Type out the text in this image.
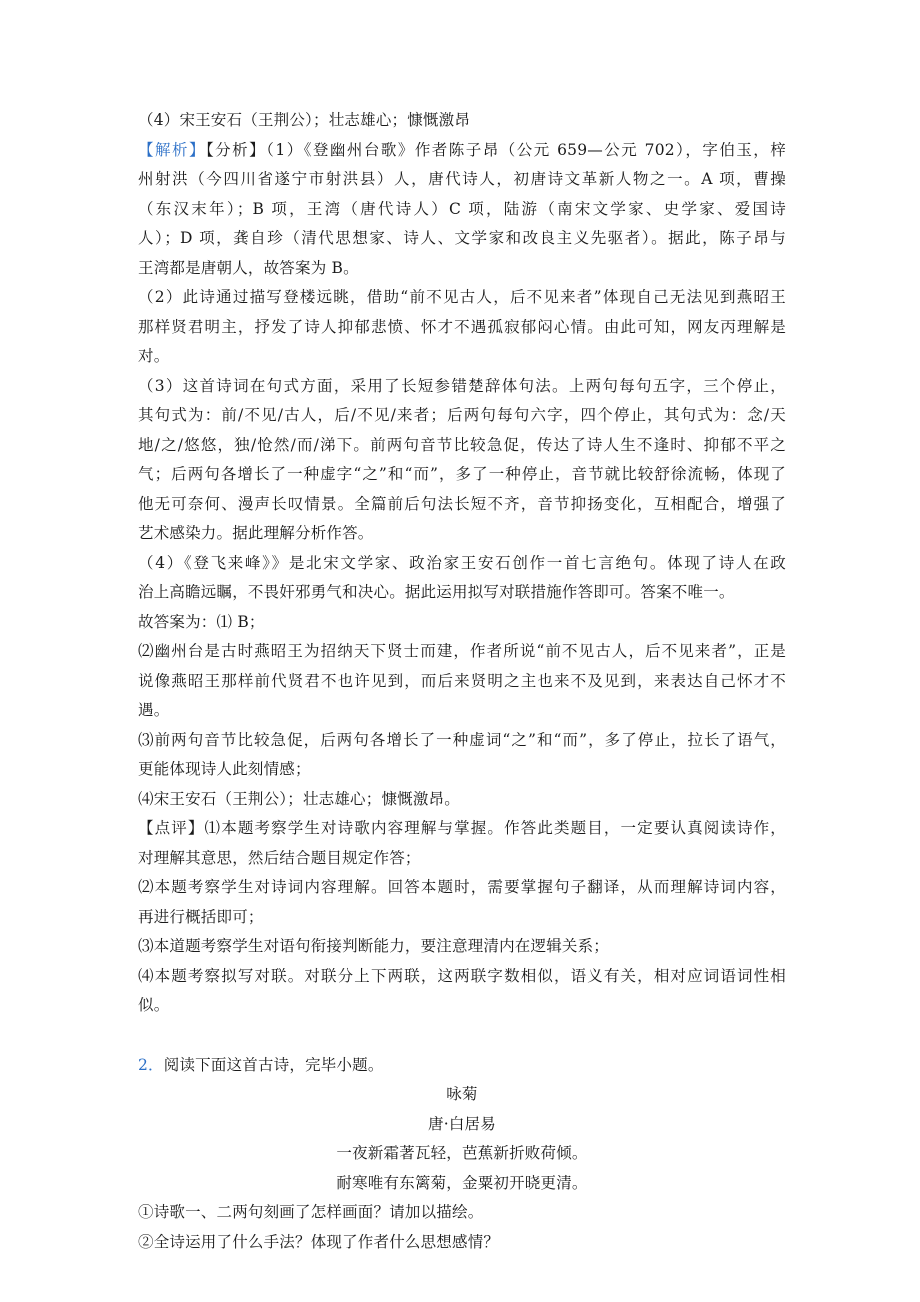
（4）宋王安石（王荆公）；壮志雄心；慷慨激昂
【解析】【分析】（1）《登幽州台歌》作者陈子昂（公元 659—公元 702），字伯玉，梓
州射洪（今四川省遂宁市射洪县）人，唐代诗人，初唐诗文革新人物之一。A 项，曹操
（东汉末年）；B 项，王湾（唐代诗人）C 项，陆游（南宋文学家、史学家、爱国诗
人）；D 项，龚自珍（清代思想家、诗人、文学家和改良主义先驱者）。据此，陈子昂与
王湾都是唐朝人，故答案为 B。
（2）此诗通过描写登楼远眺，借助“前不见古人，后不见来者”体现自己无法见到燕昭王
那样贤君明主，抒发了诗人抑郁悲愤、怀才不遇孤寂郁闷心情。由此可知，网友丙理解是
对。
（3）这首诗词在句式方面，采用了长短参错楚辞体句法。上两句每句五字，三个停止，
其句式为：前/不见/古人，后/不见/来者；后两句每句六字，四个停止，其句式为：念/天
地/之/悠悠，独/怆然/而/涕下。前两句音节比较急促，传达了诗人生不逢时、抑郁不平之
气；后两句各增长了一种虚字“之”和“而”，多了一种停止，音节就比较舒徐流畅，体现了
他无可奈何、漫声长叹情景。全篇前后句法长短不齐，音节抑扬变化，互相配合，增强了
艺术感染力。据此理解分析作答。
（4）《登飞来峰》》是北宋文学家、政治家王安石创作一首七言绝句。体现了诗人在政
治上高瞻远瞩，不畏奸邪勇气和决心。据此运用拟写对联措施作答即可。答案不唯一。
故答案为：⑴ B；
⑵幽州台是古时燕昭王为招纳天下贤士而建，作者所说“前不见古人，后不见来者”，正是
说像燕昭王那样前代贤君不也许见到，而后来贤明之主也来不及见到，来表达自己怀才不
遇。
⑶前两句音节比较急促，后两句各增长了一种虚词“之”和“而”，多了停止，拉长了语气，
更能体现诗人此刻情感；
⑷宋王安石（王荆公）；壮志雄心；慷慨激昂。
【点评】⑴本题考察学生对诗歌内容理解与掌握。作答此类题目，一定要认真阅读诗作，
对理解其意思，然后结合题目规定作答；
⑵本题考察学生对诗词内容理解。回答本题时，需要掌握句子翻译，从而理解诗词内容，
再进行概括即可；
⑶本道题考察学生对语句衔接判断能力，要注意理清内在逻辑关系；
⑷本题考察拟写对联。对联分上下两联，这两联字数相似，语义有关，相对应词语词性相
似。
2．阅读下面这首古诗，完毕小题。
咏菊
唐·白居易
一夜新霜著瓦轻，芭蕉新折败荷倾。
耐寒唯有东篱菊，金粟初开晓更清。
①诗歌一、二两句刻画了怎样画面？请加以描绘。
②全诗运用了什么手法？体现了作者什么思想感情？
